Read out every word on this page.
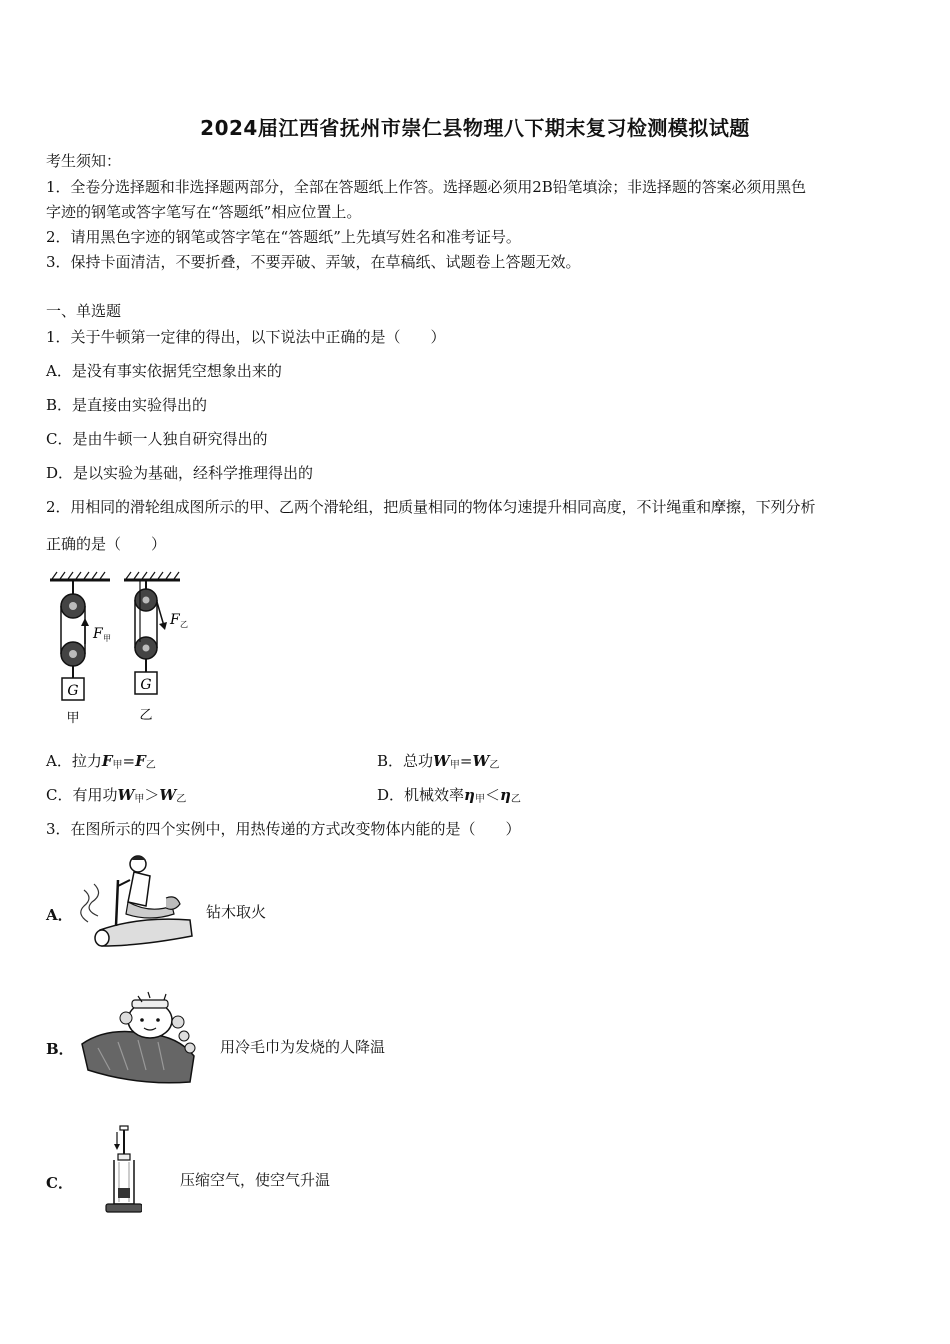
2024届江西省抚州市崇仁县物理八下期末复习检测模拟试题
考生须知：
1．全卷分选择题和非选择题两部分，全部在答题纸上作答。选择题必须用2B铅笔填涂；非选择题的答案必须用黑色
字迹的钢笔或答字笔写在“答题纸”相应位置上。
2．请用黑色字迹的钢笔或答字笔在“答题纸”上先填写姓名和准考证号。
3．保持卡面清洁，不要折叠，不要弄破、弄皱，在草稿纸、试题卷上答题无效。
一、单选题
1．关于牛顿第一定律的得出，以下说法中正确的是（　　）
A．是没有事实依据凭空想象出来的
B．是直接由实验得出的
C．是由牛顿一人独自研究得出的
D．是以实验为基础，经科学推理得出的
2．用相同的滑轮组成图所示的甲、乙两个滑轮组，把质量相同的物体匀速提升相同高度，不计绳重和摩擦，下列分析
正确的是（　　）
G	G
F 甲
F 乙
甲	乙
A．拉力$F_甲=F_乙$	B．总功$W_甲=W_乙$
C．有用功$W_甲>W_乙$	D．机械效率$\eta_甲<\eta_乙$
3．在图所示的四个实例中，用热传递的方式改变物体内能的是（　　）
A．	钻木取火
B．	用冷毛巾为发烧的人降温
C．	压缩空气，使空气升温
